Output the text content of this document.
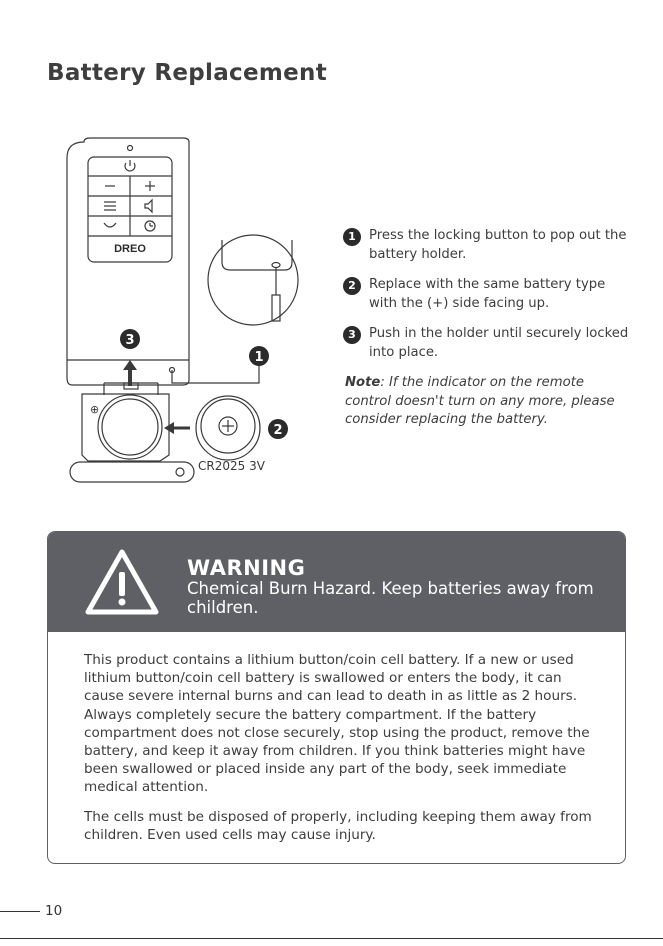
Battery Replacement
DREO
⊕
CR2025 3V
3
1
2
1 Press the locking button to pop out the battery holder.
2 Replace with the same battery type with the (+) side facing up.
3 Push in the holder until securely locked into place.
Note: If the indicator on the remote control doesn't turn on any more, please consider replacing the battery.
WARNING
Chemical Burn Hazard. Keep batteries away from children.

This product contains a lithium button/coin cell battery. If a new or used lithium button/coin cell battery is swallowed or enters the body, it can cause severe internal burns and can lead to death in as little as 2 hours. Always completely secure the battery compartment. If the battery compartment does not close securely, stop using the product, remove the battery, and keep it away from children. If you think batteries might have been swallowed or placed inside any part of the body, seek immediate medical attention.

The cells must be disposed of properly, including keeping them away from children. Even used cells may cause injury.

10
